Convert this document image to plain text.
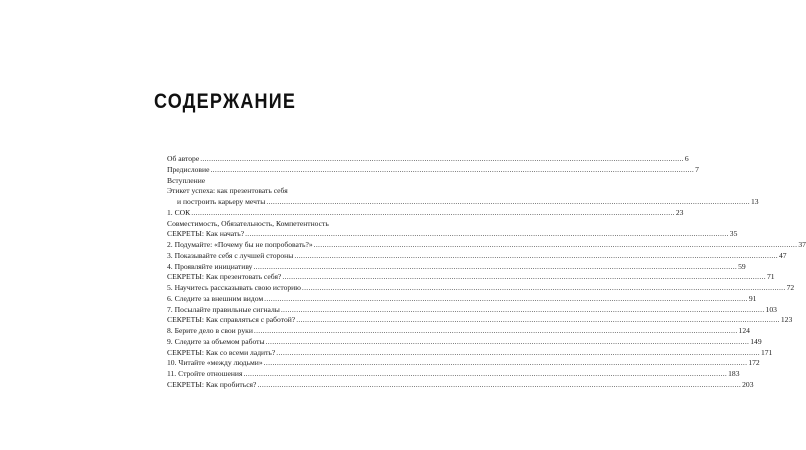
СОДЕРЖАНИЕ
Об авторе ............................................................................................................................................................................................................................ 6
Предисловие ............................................................................................................................................................................................................................ 7
Вступление
Этикет успеха: как презентовать себя
и построить карьеру мечты ............................................................................................................................................................................................................................ 13
1. СОК ............................................................................................................................................................................................................................ 23
Совместимость, Обязательность, Компетентность
СЕКРЕТЫ: Как начать? ............................................................................................................................................................................................................................ 35
2. Подумайте: «Почему бы не попробовать?» ............................................................................................................................................................................................................................ 37
3. Показывайте себя с лучшей стороны ............................................................................................................................................................................................................................ 47
4. Проявляйте инициативу ............................................................................................................................................................................................................................ 59
СЕКРЕТЫ: Как презентовать себя? ............................................................................................................................................................................................................................ 71
5. Научитесь рассказывать свою историю ............................................................................................................................................................................................................................ 72
6. Следите за внешним видом ............................................................................................................................................................................................................................ 91
7. Посылайте правильные сигналы ............................................................................................................................................................................................................................ 103
СЕКРЕТЫ: Как справляться с работой? ............................................................................................................................................................................................................................ 123
8. Берите дело в свои руки ............................................................................................................................................................................................................................ 124
9. Следите за объемом работы ............................................................................................................................................................................................................................ 149
СЕКРЕТЫ: Как со всеми ладить? ............................................................................................................................................................................................................................ 171
10. Читайте «между людьми» ............................................................................................................................................................................................................................ 172
11. Стройте отношения ............................................................................................................................................................................................................................ 183
СЕКРЕТЫ: Как пробиться? ............................................................................................................................................................................................................................ 203
